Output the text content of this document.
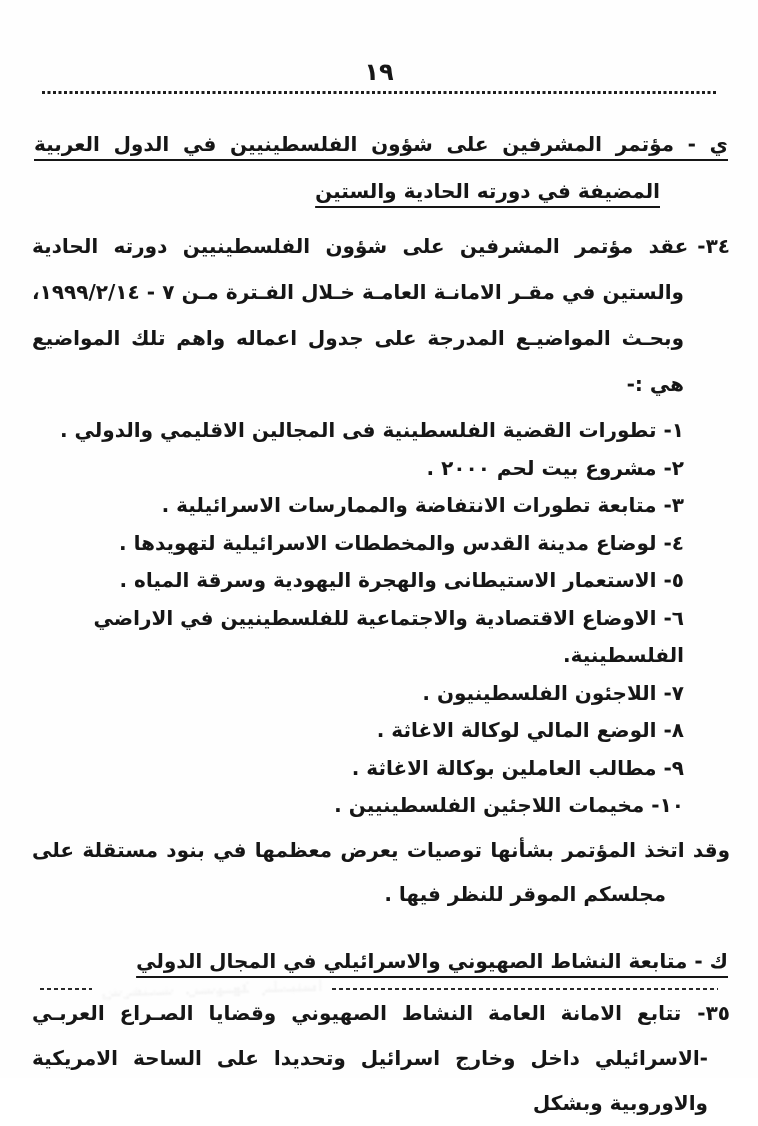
١٩

ي - مؤتمر المشرفين على شؤون الفلسطينيين في الدول العربية المضيفة في دورته الحادية والستين

٣٤-عقد مؤتمر المشرفين على شؤون الفلسطينيين دورته الحادية والستين في مقـر الامانـة العامـة خـلال الفـترة مـن ٧ - ١٩٩٩/٢/١٤، وبحـث المواضيـع المدرجة على جدول اعماله واهم تلك المواضيع هي :-

١- تطورات القضية الفلسطينية فى المجالين الاقليمي والدولي .
٢- مشروع بيت لحم ٢٠٠٠ .
٣- متابعة تطورات الانتفاضة والممارسات الاسرائيلية .
٤- لوضاع مدينة القدس والمخططات الاسرائيلية لتهويدها .
٥- الاستعمار الاستيطانى والهجرة اليهودية وسرقة المياه .
٦- الاوضاع الاقتصادية والاجتماعية للفلسطينيين في الاراضي الفلسطينية.
٧- اللاجئون الفلسطينيون .
٨- الوضع المالي لوكالة الاغاثة .
٩- مطالب العاملين بوكالة الاغاثة .
١٠- مخيمات اللاجئين الفلسطينيين .

وقد اتخذ المؤتمر بشأنها توصيات يعرض معظمها في بنود مستقلة على مجلسكم الموقر للنظر فيها .

ك - متابعة النشاط الصهيوني والاسرائيلي في المجال الدولي

٣٥-تتابع الامانة العامة النشاط الصهيوني وقضايا الصـراع العربـي -الاسرائيلي داخل وخارج اسرائيل وتحديدا على الساحة الامريكية والاوروبية وبشكل

استبملم
كهنوسي
شمنفرش
